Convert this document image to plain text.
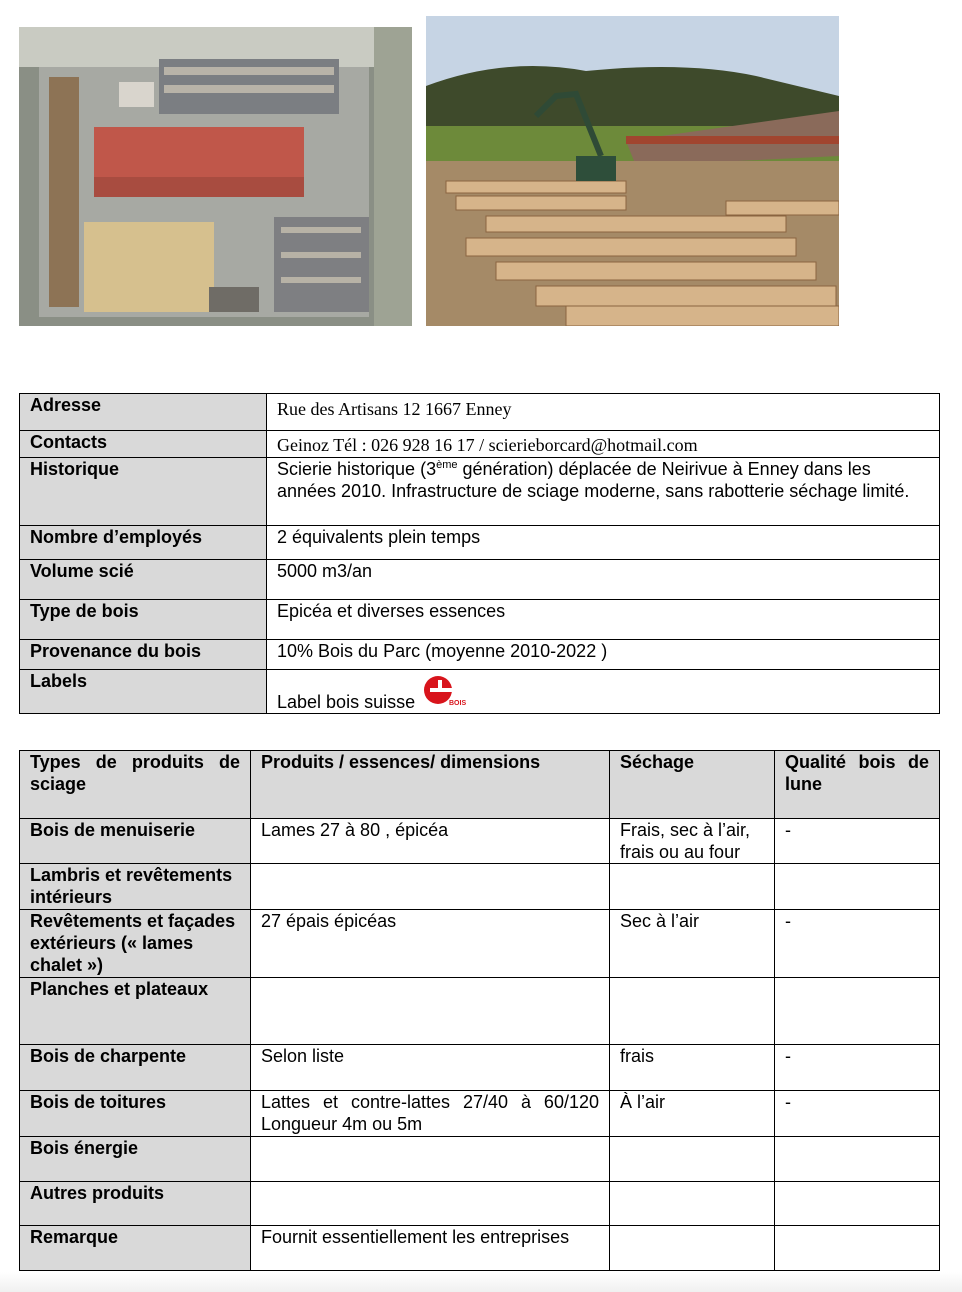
Adresse	Rue des Artisans 12 1667 Enney
Contacts	Geinoz Tél : 026 928 16 17 / scierieborcard@hotmail.com
Historique	Scierie historique (3ème génération) déplacée de Neirivue à Enney dans les années 2010. Infrastructure de sciage moderne, sans rabotterie séchage limité.
Nombre d’employés	2 équivalents plein temps
Volume scié	5000 m3/an
Type de bois	Epicéa et diverses essences
Provenance du bois	10% Bois du Parc (moyenne 2010-2022 )
Labels	Label bois suisse BOIS
Types de produits de sciage	Produits / essences/ dimensions	Séchage	Qualité bois de lune

Bois de menuiserie	Lames 27 à 80 , épicéa	Frais, sec à l’air, frais ou au four	-
Lambris et revêtements intérieurs			
Revêtements et façades extérieurs (« lames chalet »)	27 épais épicéas	Sec à l’air	-
Planches et plateaux			
Bois de charpente	Selon liste	frais	-
Bois de toitures	Lattes et contre-lattes 27/40 à 60/120 Longueur 4m ou 5m	À l’air	-
Bois énergie			
Autres produits			
Remarque	Fournit essentiellement les entreprises		
